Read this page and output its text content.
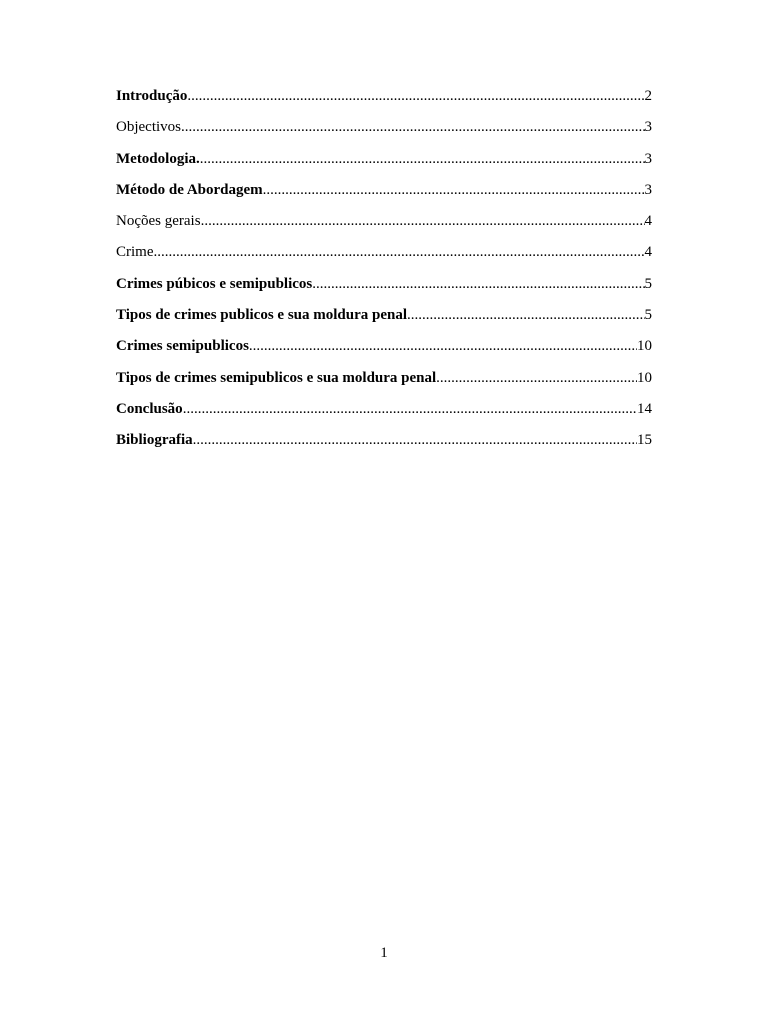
Introdução .....	2
Objectivos .....	3
Metodologia. .....	3
Método de Abordagem .....	3
Noções gerais .....	4
Crime .....	4
Crimes púbicos e semipublicos .....	5
Tipos de crimes publicos e sua moldura penal .....	5
Crimes semipublicos .....	10
Tipos de crimes semipublicos e sua moldura penal .....	10
Conclusão .....	14
Bibliografia .....	15
1
